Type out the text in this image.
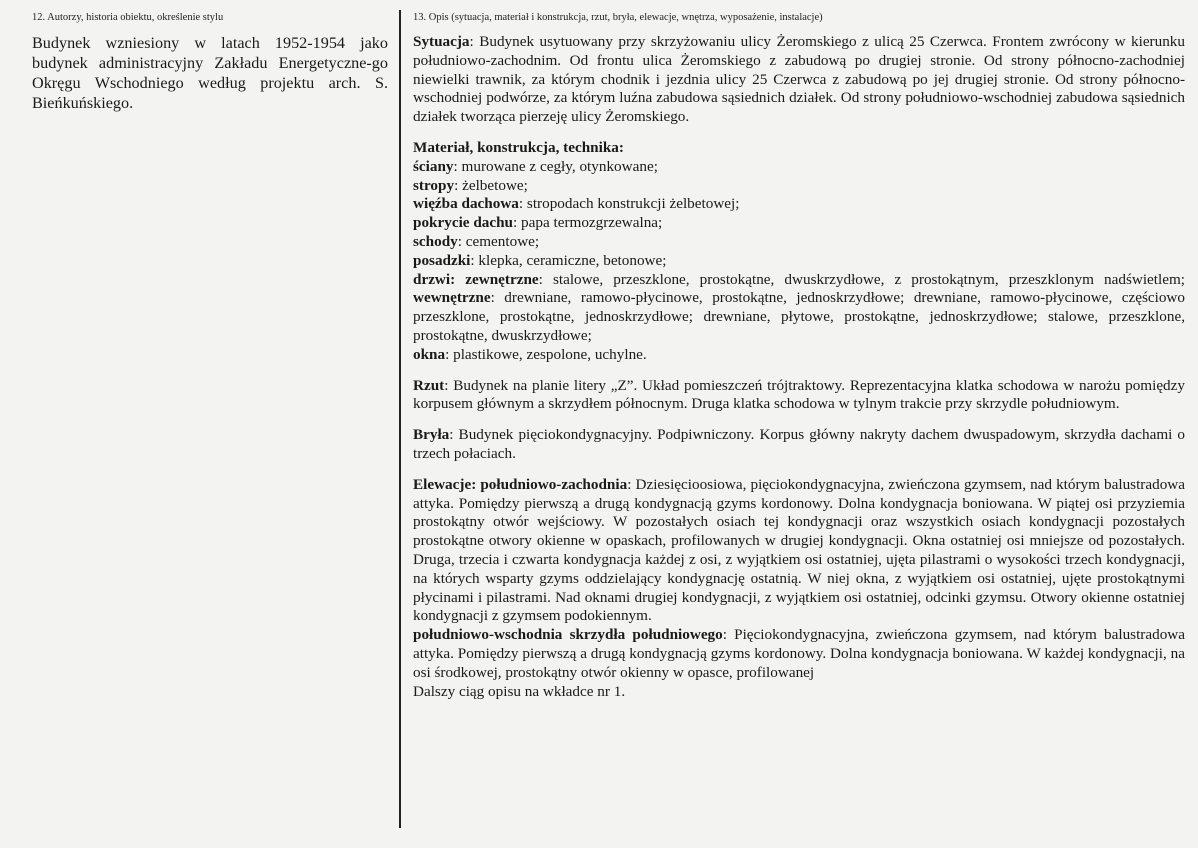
12. Autorzy, historia obiektu, określenie stylu
Budynek wzniesiony w latach 1952-1954 jako budynek administracyjny Zakładu Energetyczne-go Okręgu Wschodniego według projektu arch. S. Bieńkuńskiego.
13. Opis (sytuacja, materiał i konstrukcja, rzut, bryła, elewacje, wnętrza, wyposażenie, instalacje)

Sytuacja: Budynek usytuowany przy skrzyżowaniu ulicy Żeromskiego z ulicą 25 Czerwca. Frontem zwrócony w kierunku południowo-zachodnim. Od frontu ulica Żeromskiego z zabudową po drugiej stronie. Od strony północno-zachodniej niewielki trawnik, za którym chodnik i jezdnia ulicy 25 Czerwca z zabudową po jej drugiej stronie. Od strony północno-wschodniej podwórze, za którym luźna zabudowa sąsiednich działek. Od strony południowo-wschodniej zabudowa sąsiednich działek tworząca pierzeję ulicy Żeromskiego.

Materiał, konstrukcja, technika:
ściany: murowane z cegły, otynkowane;
stropy: żelbetowe;
więźba dachowa: stropodach konstrukcji żelbetowej;
pokrycie dachu: papa termozgrzewalna;
schody: cementowe;
posadzki: klepka, ceramiczne, betonowe;
drzwi: zewnętrzne: stalowe, przeszklone, prostokątne, dwuskrzydłowe, z prostokątnym, przeszklonym nadświetlem; wewnętrzne: drewniane, ramowo-płycinowe, prostokątne, jednoskrzydłowe; drewniane, ramowo-płycinowe, częściowo przeszklone, prostokątne, jednoskrzydłowe; drewniane, płytowe, prostokątne, jednoskrzydłowe; stalowe, przeszklone, prostokątne, dwuskrzydłowe;
okna: plastikowe, zespolone, uchylne.

Rzut: Budynek na planie litery „Z”. Układ pomieszczeń trójtraktowy. Reprezentacyjna klatka schodowa w narożu pomiędzy korpusem głównym a skrzydłem północnym. Druga klatka schodowa w tylnym trakcie przy skrzydle południowym.

Bryła: Budynek pięciokondygnacyjny. Podpiwniczony. Korpus główny nakryty dachem dwuspadowym, skrzydła dachami o trzech połaciach.

Elewacje: południowo-zachodnia: Dziesięcioosiowa, pięciokondygnacyjna, zwieńczona gzymsem, nad którym balustradowa attyka. Pomiędzy pierwszą a drugą kondygnacją gzyms kordonowy. Dolna kondygnacja boniowana. W piątej osi przyziemia prostokątny otwór wejściowy. W pozostałych osiach tej kondygnacji oraz wszystkich osiach kondygnacji pozostałych prostokątne otwory okienne w opaskach, profilowanych w drugiej kondygnacji. Okna ostatniej osi mniejsze od pozostałych. Druga, trzecia i czwarta kondygnacja każdej z osi, z wyjątkiem osi ostatniej, ujęta pilastrami o wysokości trzech kondygnacji, na których wsparty gzyms oddzielający kondygnację ostatnią. W niej okna, z wyjątkiem osi ostatniej, ujęte prostokątnymi płycinami i pilastrami. Nad oknami drugiej kondygnacji, z wyjątkiem osi ostatniej, odcinki gzymsu. Otwory okienne ostatniej kondygnacji z gzymsem podokiennym.

południowo-wschodnia skrzydła południowego: Pięciokondygnacyjna, zwieńczona gzymsem, nad którym balustradowa attyka. Pomiędzy pierwszą a drugą kondygnacją gzyms kordonowy. Dolna kondygnacja boniowana. W każdej kondygnacji, na osi środkowej, prostokątny otwór okienny w opasce, profilowanej

Dalszy ciąg opisu na wkładce nr 1.
